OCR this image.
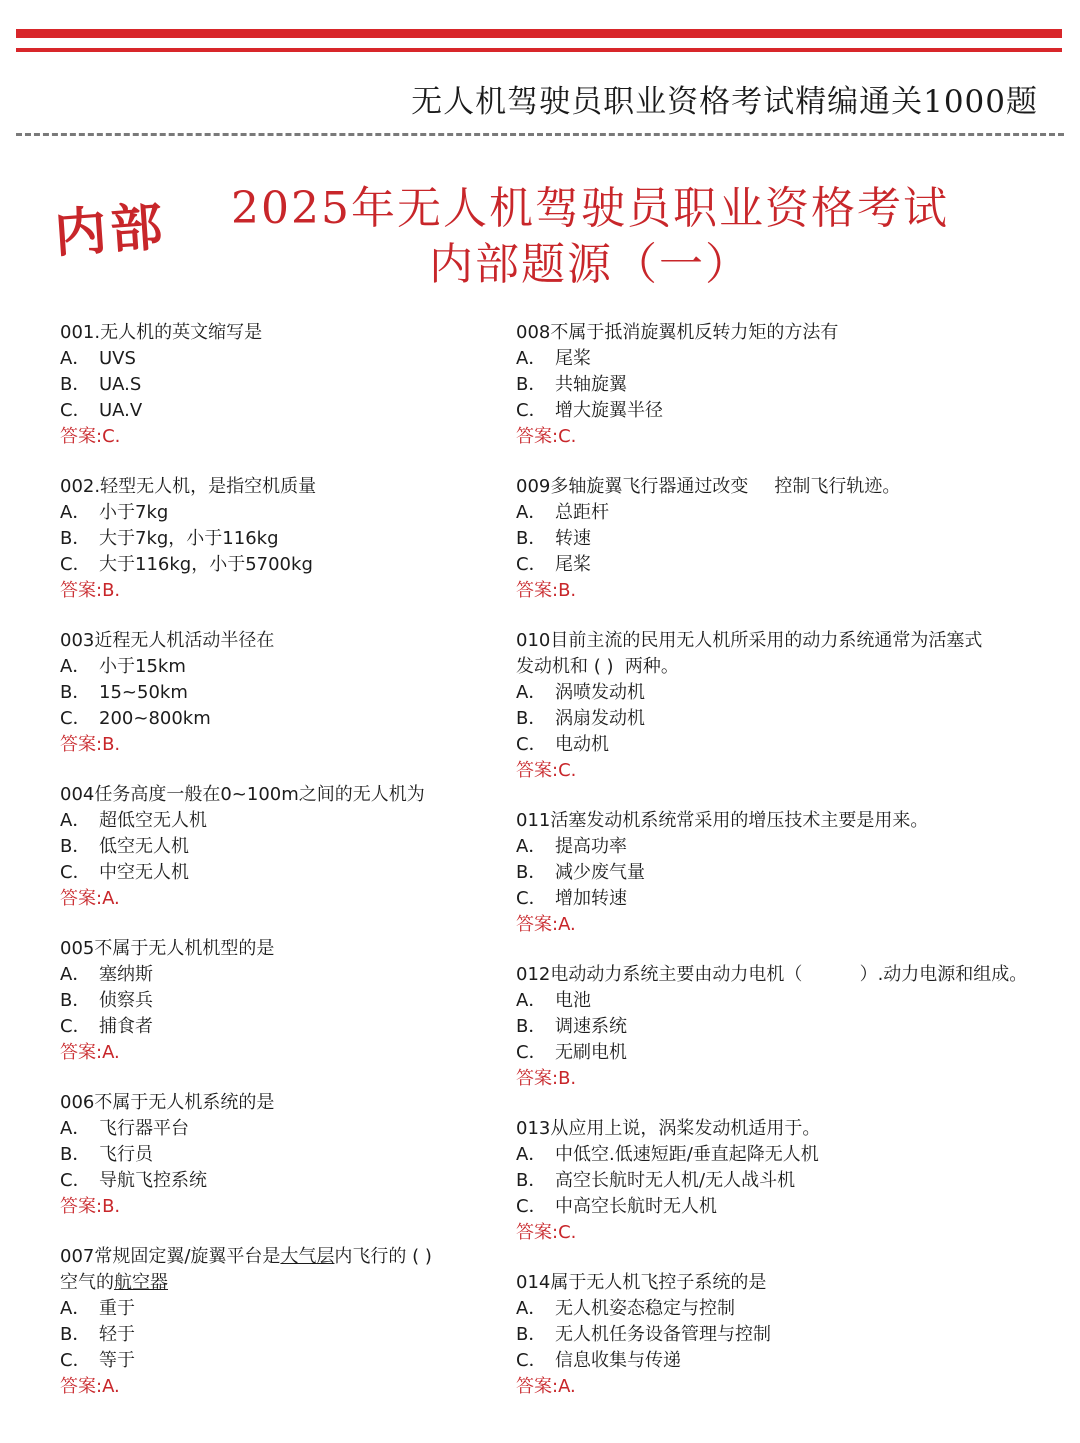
无人机驾驶员职业资格考试精编通关1000题
内部	2025年无人机驾驶员职业资格考试
内部题源（一）
001.无人机的英文缩写是
A． UVS
B． UA.S
C． UA.V
答案:C.
002.轻型无人机，是指空机质量
A． 小于7kg
B． 大于7kg，小于116kg
C． 大于116kg，小于5700kg
答案:B.
003近程无人机活动半径在
A． 小于15km
B． 15~50km
C． 200~800km
答案:B.
004任务高度一般在0~100m之间的无人机为
A． 超低空无人机
B． 低空无人机
C． 中空无人机
答案:A.
005不属于无人机机型的是
A． 塞纳斯
B． 侦察兵
C． 捕食者
答案:A.
006不属于无人机系统的是
A． 飞行器平台
B． 飞行员
C． 导航飞控系统
答案:B.
007常规固定翼/旋翼平台是大气层内飞行的 ( )
空气的航空器
A． 重于
B． 轻于
C． 等于
答案:A.
008不属于抵消旋翼机反转力矩的方法有
A． 尾桨
B． 共轴旋翼
C． 增大旋翼半径
答案:C.
009多轴旋翼飞行器通过改变 控制飞行轨迹。
A． 总距杆
B． 转速
C． 尾桨
答案:B.
010目前主流的民用无人机所采用的动力系统通常为活塞式
发动机和 ( )  两种。
A． 涡喷发动机
B． 涡扇发动机
C． 电动机
答案:C.
011活塞发动机系统常采用的增压技术主要是用来。
A． 提高功率
B． 减少废气量
C． 增加转速
答案:A.
012电动动力系统主要由动力电机（          ）.动力电源和组成。
A． 电池
B． 调速系统
C． 无刷电机
答案:B.
013从应用上说，涡桨发动机适用于。
A． 中低空.低速短距/垂直起降无人机
B． 高空长航时无人机/无人战斗机
C． 中高空长航时无人机
答案:C.
014属于无人机飞控子系统的是
A． 无人机姿态稳定与控制
B． 无人机任务设备管理与控制
C． 信息收集与传递
答案:A.
